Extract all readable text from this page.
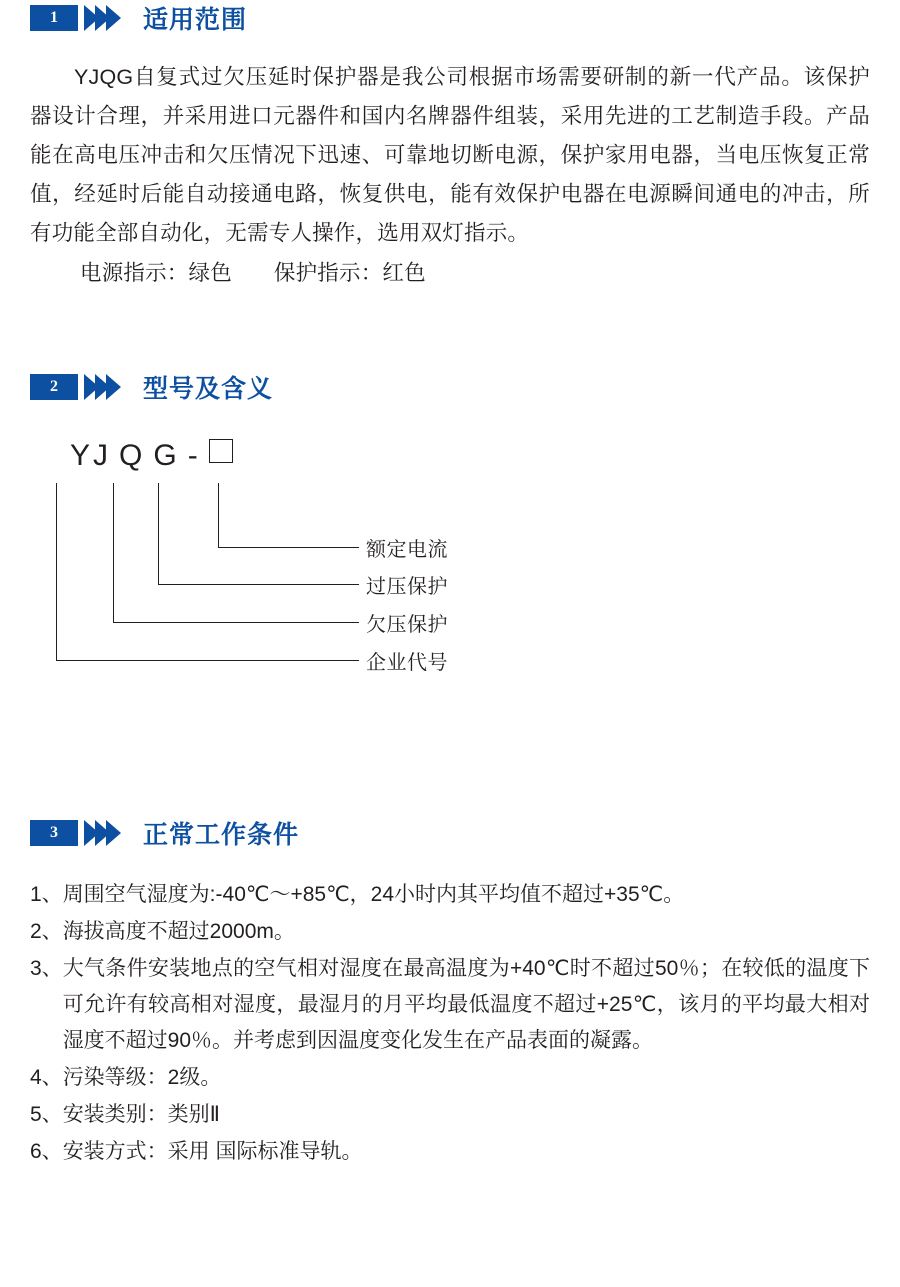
1	适用范围
YJQG自复式过欠压延时保护器是我公司根据市场需要研制的新一代产品。该保护器设计合理，并采用进口元器件和国内名牌器件组装，采用先进的工艺制造手段。产品能在高电压冲击和欠压情况下迅速、可靠地切断电源，保护家用电器，当电压恢复正常值，经延时后能自动接通电路，恢复供电，能有效保护电器在电源瞬间通电的冲击，所有功能全部自动化，无需专人操作，选用双灯指示。
电源指示：绿色 保护指示：红色
2	型号及含义
YJ Q G -
额定电流
过压保护
欠压保护
企业代号
3	正常工作条件
1、 周围空气湿度为:-40℃～+85℃，24小时内其平均值不超过+35℃。
2、 海拔高度不超过2000m。
3、 大气条件安装地点的空气相对湿度在最高温度为+40℃时不超过50％；在较低的温度下可允许有较高相对湿度，最湿月的月平均最低温度不超过+25℃，该月的平均最大相对湿度不超过90％。并考虑到因温度变化发生在产品表面的凝露。
4、 污染等级：2级。
5、 安装类别：类别Ⅱ
6、 安装方式：采用 国际标准导轨。
